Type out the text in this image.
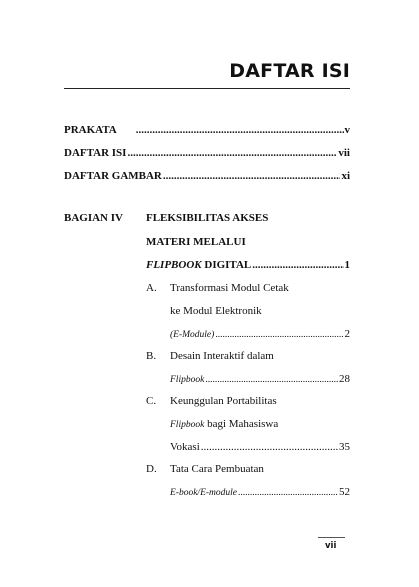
DAFTAR ISI
PRAKATA .....	v
DAFTAR ISI .....	vii
DAFTAR GAMBAR .....	xi
BAGIAN IV FLEKSIBILITAS AKSES
MATERI MELALUI
FLIPBOOK DIGITAL .....	1
A. Transformasi Modul Cetak
ke Modul Elektronik
(E-Module) .....	2
B. Desain Interaktif dalam
Flipbook .....	28
C. Keunggulan Portabilitas
Flipbook bagi Mahasiswa
Vokasi .....	35
D. Tata Cara Pembuatan
E-book/E-module .....	52
vii
